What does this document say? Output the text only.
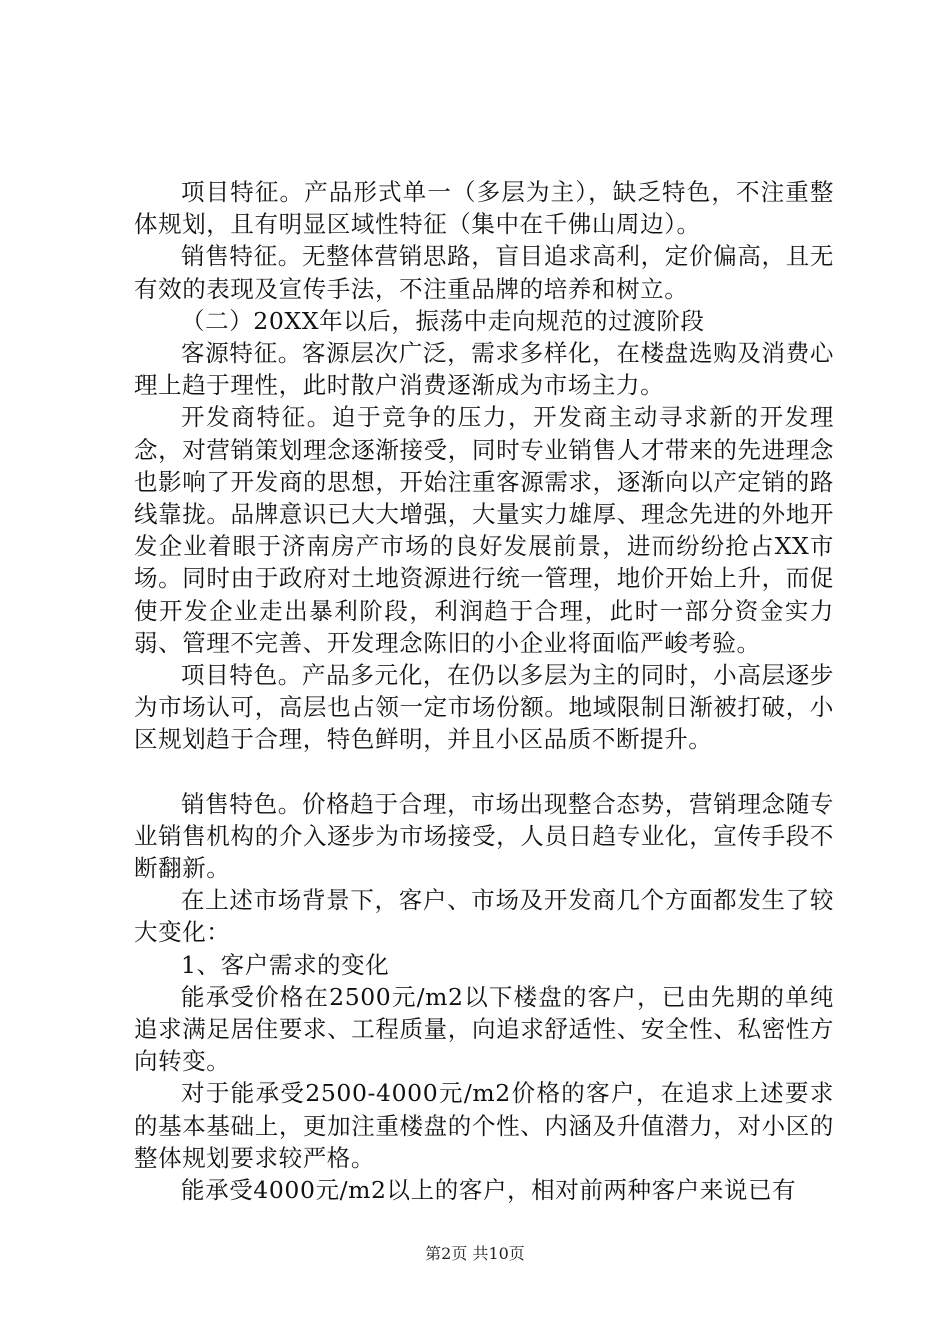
项目特征。产品形式单一（多层为主），缺乏特色，不注重整体规划，且有明显区域性特征（集中在千佛山周边）。

销售特征。无整体营销思路，盲目追求高利，定价偏高，且无有效的表现及宣传手法，不注重品牌的培养和树立。

（二）20XX年以后，振荡中走向规范的过渡阶段

客源特征。客源层次广泛，需求多样化，在楼盘选购及消费心理上趋于理性，此时散户消费逐渐成为市场主力。

开发商特征。迫于竞争的压力，开发商主动寻求新的开发理念，对营销策划理念逐渐接受，同时专业销售人才带来的先进理念也影响了开发商的思想，开始注重客源需求，逐渐向以产定销的路线靠拢。品牌意识已大大增强，大量实力雄厚、理念先进的外地开发企业着眼于济南房产市场的良好发展前景，进而纷纷抢占XX市场。同时由于政府对土地资源进行统一管理，地价开始上升，而促使开发企业走出暴利阶段，利润趋于合理，此时一部分资金实力弱、管理不完善、开发理念陈旧的小企业将面临严峻考验。

项目特色。产品多元化，在仍以多层为主的同时，小高层逐步为市场认可，高层也占领一定市场份额。地域限制日渐被打破，小区规划趋于合理，特色鲜明，并且小区品质不断提升。

销售特色。价格趋于合理，市场出现整合态势，营销理念随专业销售机构的介入逐步为市场接受，人员日趋专业化，宣传手段不断翻新。

在上述市场背景下，客户、市场及开发商几个方面都发生了较大变化：

1、客户需求的变化

能承受价格在2500元/m2以下楼盘的客户，已由先期的单纯追求满足居住要求、工程质量，向追求舒适性、安全性、私密性方向转变。

对于能承受2500-4000元/m2价格的客户，在追求上述要求的基本基础上，更加注重楼盘的个性、内涵及升值潜力，对小区的整体规划要求较严格。

能承受4000元/m2以上的客户，相对前两种客户来说已有

第2页 共10页
